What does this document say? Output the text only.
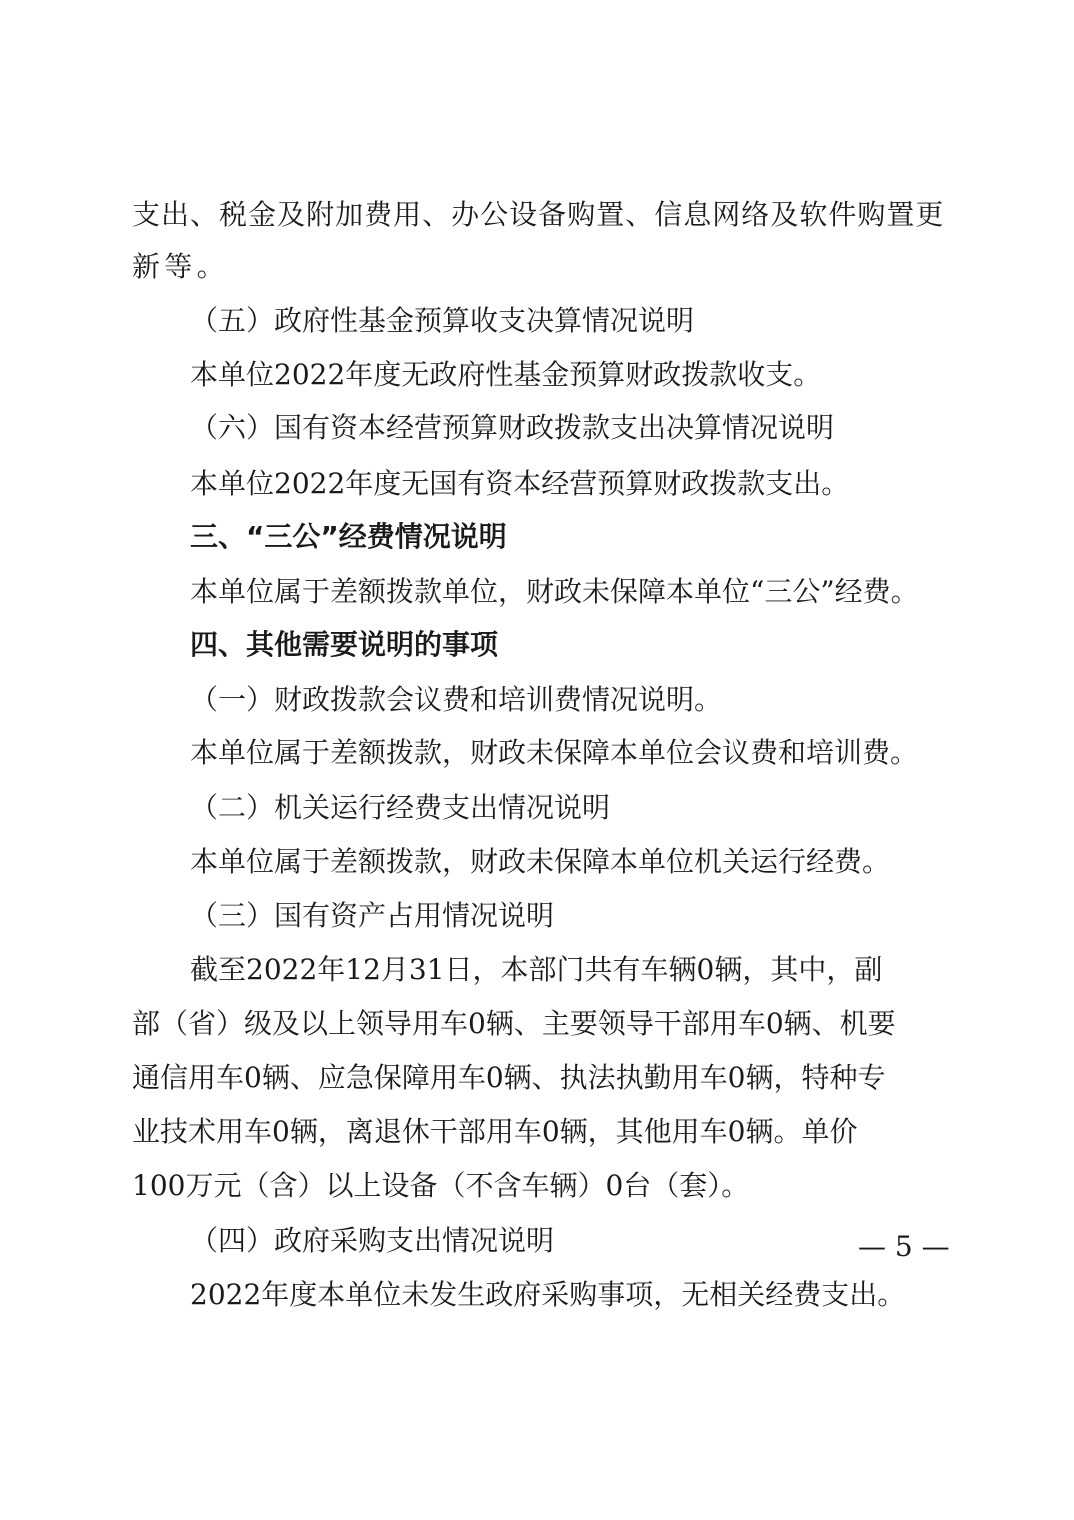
支出、税金及附加费用、办公设备购置、信息网络及软件购置更
新等。
（五）政府性基金预算收支决算情况说明
本单位2022年度无政府性基金预算财政拨款收支。
（六）国有资本经营预算财政拨款支出决算情况说明
本单位2022年度无国有资本经营预算财政拨款支出。
三、“三公”经费情况说明
本单位属于差额拨款单位，财政未保障本单位“三公”经费。
四、其他需要说明的事项
（一）财政拨款会议费和培训费情况说明。
本单位属于差额拨款，财政未保障本单位会议费和培训费。
（二）机关运行经费支出情况说明
本单位属于差额拨款，财政未保障本单位机关运行经费。
（三）国有资产占用情况说明
截至2022年12月31日，本部门共有车辆0辆，其中，副
部（省）级及以上领导用车0辆、主要领导干部用车0辆、机要
通信用车0辆、应急保障用车0辆、执法执勤用车0辆，特种专
业技术用车0辆，离退休干部用车0辆，其他用车0辆。单价
100万元（含）以上设备（不含车辆）0台（套）。
（四）政府采购支出情况说明
2022年度本单位未发生政府采购事项，无相关经费支出。
— 5 —
